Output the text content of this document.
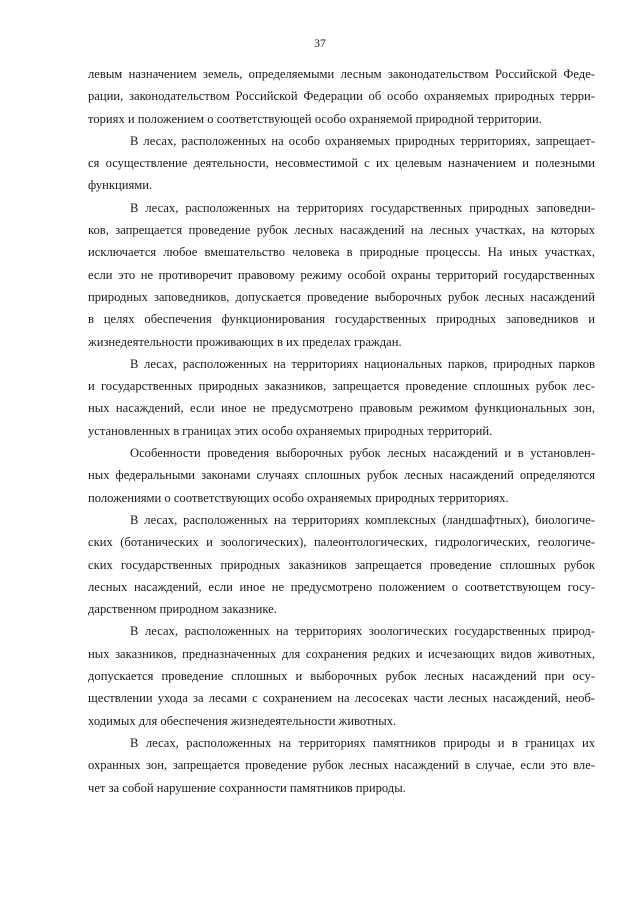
37

левым назначением земель, определяемыми лесным законодательством Российской Феде-
рации, законодательством Российской Федерации об особо охраняемых природных терри-
ториях и положением о соответствующей особо охраняемой природной территории.

В лесах, расположенных на особо охраняемых природных территориях, запрещает-
ся осуществление деятельности, несовместимой с их целевым назначением и полезными
функциями.

В лесах, расположенных на территориях государственных природных заповедни-
ков, запрещается проведение рубок лесных насаждений на лесных участках, на которых
исключается любое вмешательство человека в природные процессы. На иных участках,
если это не противоречит правовому режиму особой охраны территорий государственных
природных заповедников, допускается проведение выборочных рубок лесных насаждений
в целях обеспечения функционирования государственных природных заповедников и
жизнедеятельности проживающих в их пределах граждан.

В лесах, расположенных на территориях национальных парков, природных парков
и государственных природных заказников, запрещается проведение сплошных рубок лес-
ных насаждений, если иное не предусмотрено правовым режимом функциональных зон,
установленных в границах этих особо охраняемых природных территорий.

Особенности проведения выборочных рубок лесных насаждений и в установлен-
ных федеральными законами случаях сплошных рубок лесных насаждений определяются
положениями о соответствующих особо охраняемых природных территориях.

В лесах, расположенных на территориях комплексных (ландшафтных), биологиче-
ских (ботанических и зоологических), палеонтологических, гидрологических, геологиче-
ских государственных природных заказников запрещается проведение сплошных рубок
лесных насаждений, если иное не предусмотрено положением о соответствующем госу-
дарственном природном заказнике.

В лесах, расположенных на территориях зоологических государственных природ-
ных заказников, предназначенных для сохранения редких и исчезающих видов животных,
допускается проведение сплошных и выборочных рубок лесных насаждений при осу-
ществлении ухода за лесами с сохранением на лесосеках части лесных насаждений, необ-
ходимых для обеспечения жизнедеятельности животных.

В лесах, расположенных на территориях памятников природы и в границах их
охранных зон, запрещается проведение рубок лесных насаждений в случае, если это вле-
чет за собой нарушение сохранности памятников природы.
